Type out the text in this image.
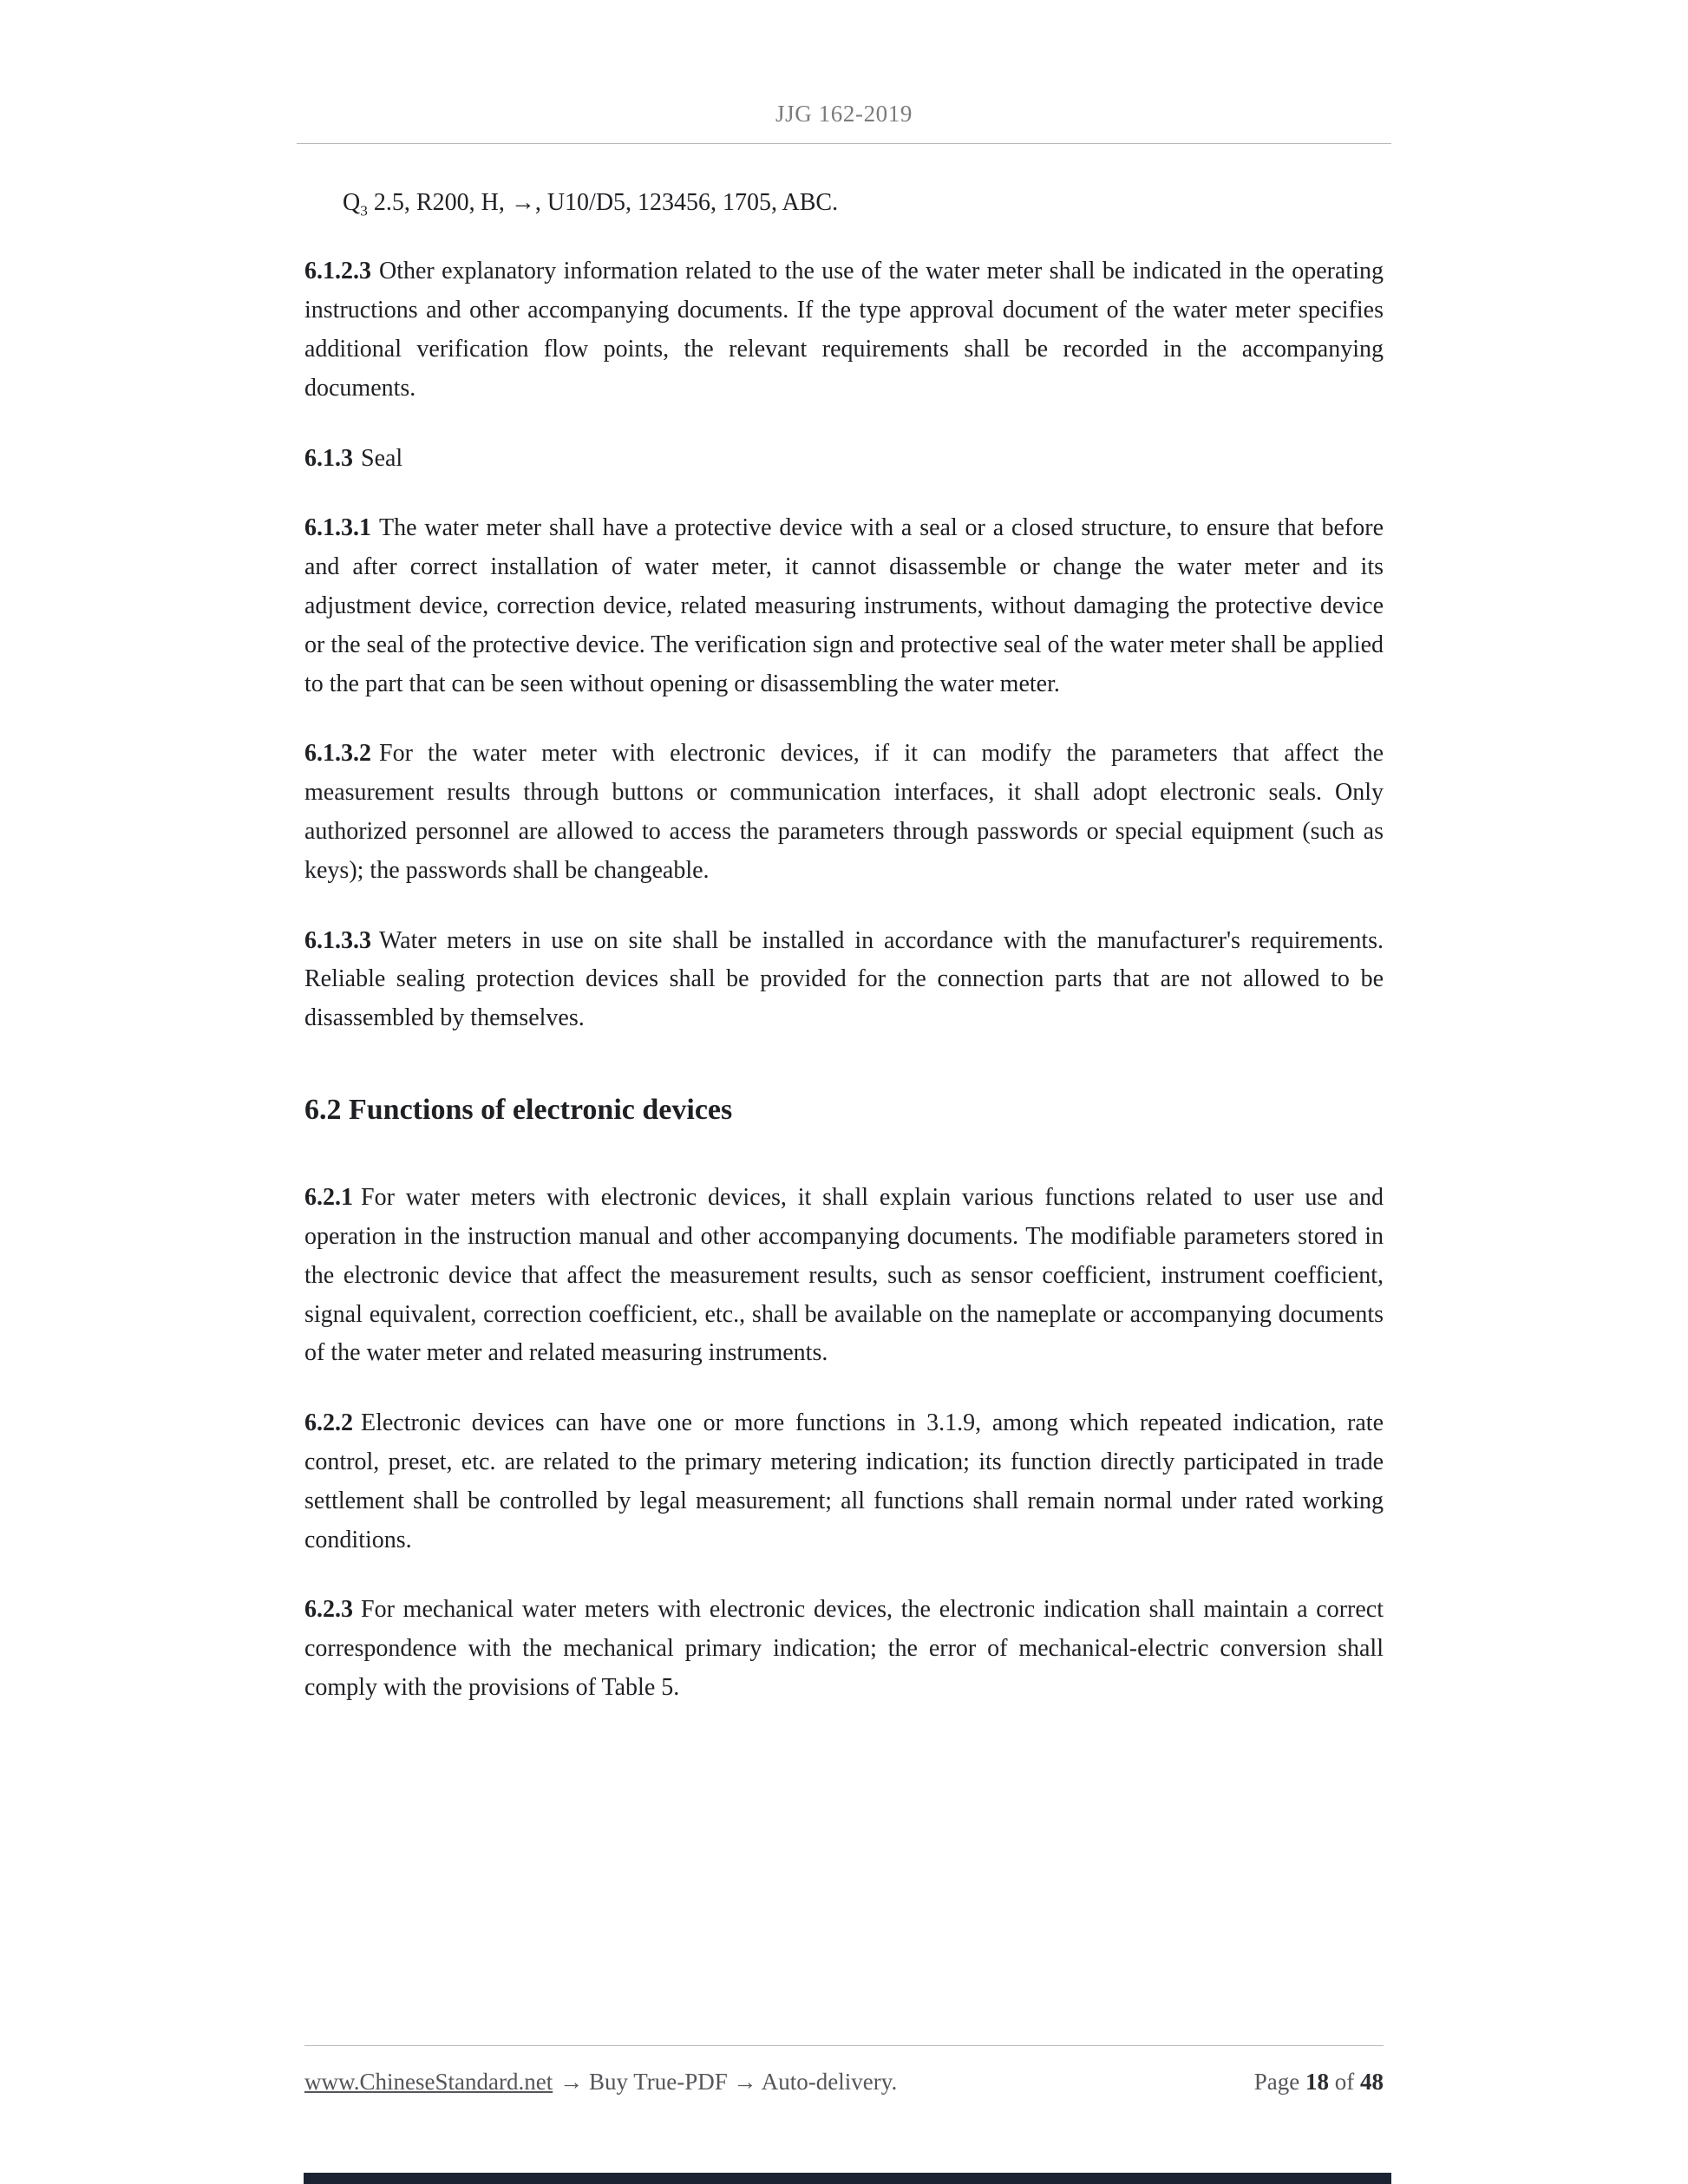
JJG 162-2019

$Q_3$ 2.5, R200, H, →, U10/D5, 123456, 1705, ABC.

6.1.2.3 Other explanatory information related to the use of the water meter shall be indicated in the operating instructions and other accompanying documents. If the type approval document of the water meter specifies additional verification flow points, the relevant requirements shall be recorded in the accompanying documents.

6.1.3 Seal

6.1.3.1 The water meter shall have a protective device with a seal or a closed structure, to ensure that before and after correct installation of water meter, it cannot disassemble or change the water meter and its adjustment device, correction device, related measuring instruments, without damaging the protective device or the seal of the protective device. The verification sign and protective seal of the water meter shall be applied to the part that can be seen without opening or disassembling the water meter.

6.1.3.2 For the water meter with electronic devices, if it can modify the parameters that affect the measurement results through buttons or communication interfaces, it shall adopt electronic seals. Only authorized personnel are allowed to access the parameters through passwords or special equipment (such as keys); the passwords shall be changeable.

6.1.3.3 Water meters in use on site shall be installed in accordance with the manufacturer's requirements. Reliable sealing protection devices shall be provided for the connection parts that are not allowed to be disassembled by themselves.

6.2 Functions of electronic devices

6.2.1 For water meters with electronic devices, it shall explain various functions related to user use and operation in the instruction manual and other accompanying documents. The modifiable parameters stored in the electronic device that affect the measurement results, such as sensor coefficient, instrument coefficient, signal equivalent, correction coefficient, etc., shall be available on the nameplate or accompanying documents of the water meter and related measuring instruments.

6.2.2 Electronic devices can have one or more functions in 3.1.9, among which repeated indication, rate control, preset, etc. are related to the primary metering indication; its function directly participated in trade settlement shall be controlled by legal measurement; all functions shall remain normal under rated working conditions.

6.2.3 For mechanical water meters with electronic devices, the electronic indication shall maintain a correct correspondence with the mechanical primary indication; the error of mechanical-electric conversion shall comply with the provisions of Table 5.

www.ChineseStandard.net → Buy True-PDF → Auto-delivery.	Page 18 of 48
